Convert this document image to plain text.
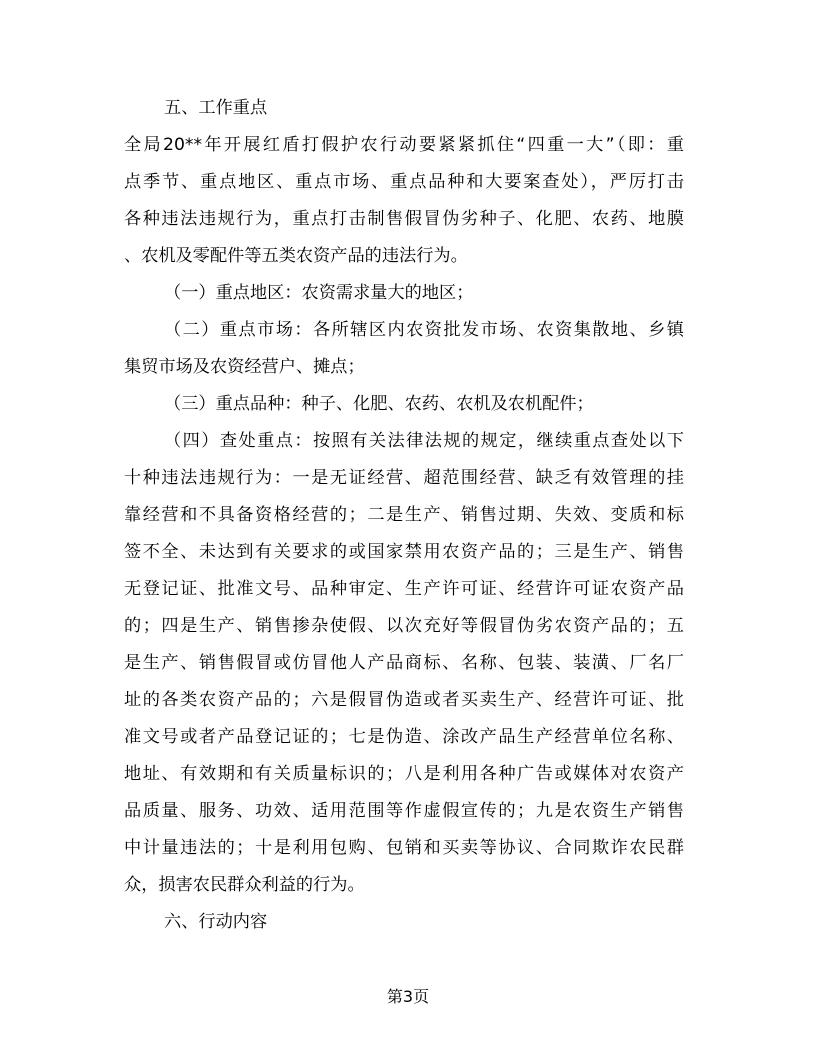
五、工作重点
全局20**年开展红盾打假护农行动要紧紧抓住“四重一大”（即：重
点季节、重点地区、重点市场、重点品种和大要案查处），严厉打击
各种违法违规行为，重点打击制售假冒伪劣种子、化肥、农药、地膜
、农机及零配件等五类农资产品的违法行为。
（一）重点地区：农资需求量大的地区；
（二）重点市场：各所辖区内农资批发市场、农资集散地、乡镇
集贸市场及农资经营户、摊点；
（三）重点品种：种子、化肥、农药、农机及农机配件；
（四）查处重点：按照有关法律法规的规定，继续重点查处以下
十种违法违规行为：一是无证经营、超范围经营、缺乏有效管理的挂
靠经营和不具备资格经营的；二是生产、销售过期、失效、变质和标
签不全、未达到有关要求的或国家禁用农资产品的；三是生产、销售
无登记证、批准文号、品种审定、生产许可证、经营许可证农资产品
的；四是生产、销售掺杂使假、以次充好等假冒伪劣农资产品的；五
是生产、销售假冒或仿冒他人产品商标、名称、包装、装潢、厂名厂
址的各类农资产品的；六是假冒伪造或者买卖生产、经营许可证、批
准文号或者产品登记证的；七是伪造、涂改产品生产经营单位名称、
地址、有效期和有关质量标识的；八是利用各种广告或媒体对农资产
品质量、服务、功效、适用范围等作虚假宣传的；九是农资生产销售
中计量违法的；十是利用包购、包销和买卖等协议、合同欺诈农民群
众，损害农民群众利益的行为。
六、行动内容
第3页
